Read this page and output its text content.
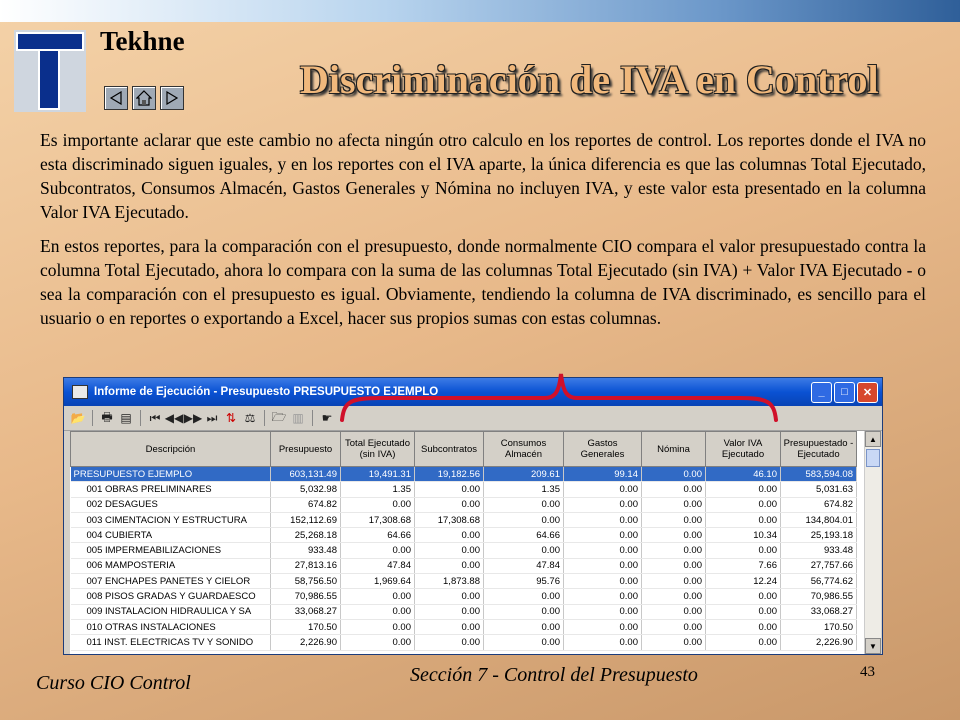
Tekhne
Discriminación de IVA en Control

Es importante aclarar que este cambio no afecta ningún otro calculo en los reportes de control. Los reportes donde el IVA no esta discriminado siguen iguales, y en los reportes con el IVA aparte, la única diferencia es que las columnas Total Ejecutado, Subcontratos, Consumos Almacén, Gastos Generales y Nómina no incluyen IVA, y este valor esta presentado en la columna Valor IVA Ejecutado.

En estos reportes, para la comparación con el presupuesto, donde normalmente CIO compara el valor presupuestado contra la columna Total Ejecutado, ahora lo compara con la suma de las columnas Total Ejecutado (sin IVA) + Valor IVA Ejecutado - o sea la comparación con el presupuesto es igual. Obviamente, tendiendo la columna de IVA discriminado, es sencillo para el usuario o en reportes o exportando a Excel, hacer sus propios sumas con estas columnas.

Informe de Ejecución - Presupuesto PRESUPUESTO EJEMPLO	_	□	✕
📂 🖶 ▤ ⏮ ◀◀ ▶▶ ⏭ ⇅ ⚖ 🗁 ▥ ☛
Descripción	Presupuesto	Total Ejecutado (sin IVA)	Subcontratos	Consumos Almacén	Gastos Generales	Nómina	Valor IVA Ejecutado	Presupuestado -Ejecutado
PRESUPUESTO EJEMPLO	603,131.49	19,491.31	19,182.56	209.61	99.14	0.00	46.10	583,594.08
001 OBRAS PRELIMINARES	5,032.98	1.35	0.00	1.35	0.00	0.00	0.00	5,031.63
002 DESAGUES	674.82	0.00	0.00	0.00	0.00	0.00	0.00	674.82
003 CIMENTACION Y ESTRUCTURA	152,112.69	17,308.68	17,308.68	0.00	0.00	0.00	0.00	134,804.01
004 CUBIERTA	25,268.18	64.66	0.00	64.66	0.00	0.00	10.34	25,193.18
005 IMPERMEABILIZACIONES	933.48	0.00	0.00	0.00	0.00	0.00	0.00	933.48
006 MAMPOSTERIA	27,813.16	47.84	0.00	47.84	0.00	0.00	7.66	27,757.66
007 ENCHAPES PANETES Y CIELOR	58,756.50	1,969.64	1,873.88	95.76	0.00	0.00	12.24	56,774.62
008 PISOS GRADAS Y GUARDAESCO	70,986.55	0.00	0.00	0.00	0.00	0.00	0.00	70,986.55
009 INSTALACION HIDRAULICA Y SA	33,068.27	0.00	0.00	0.00	0.00	0.00	0.00	33,068.27
010 OTRAS INSTALACIONES	170.50	0.00	0.00	0.00	0.00	0.00	0.00	170.50
011 INST. ELECTRICAS TV Y SONIDO	2,226.90	0.00	0.00	0.00	0.00	0.00	0.00	2,226.90
▲
▼
Curso CIO Control	Sección 7 - Control del Presupuesto	43
